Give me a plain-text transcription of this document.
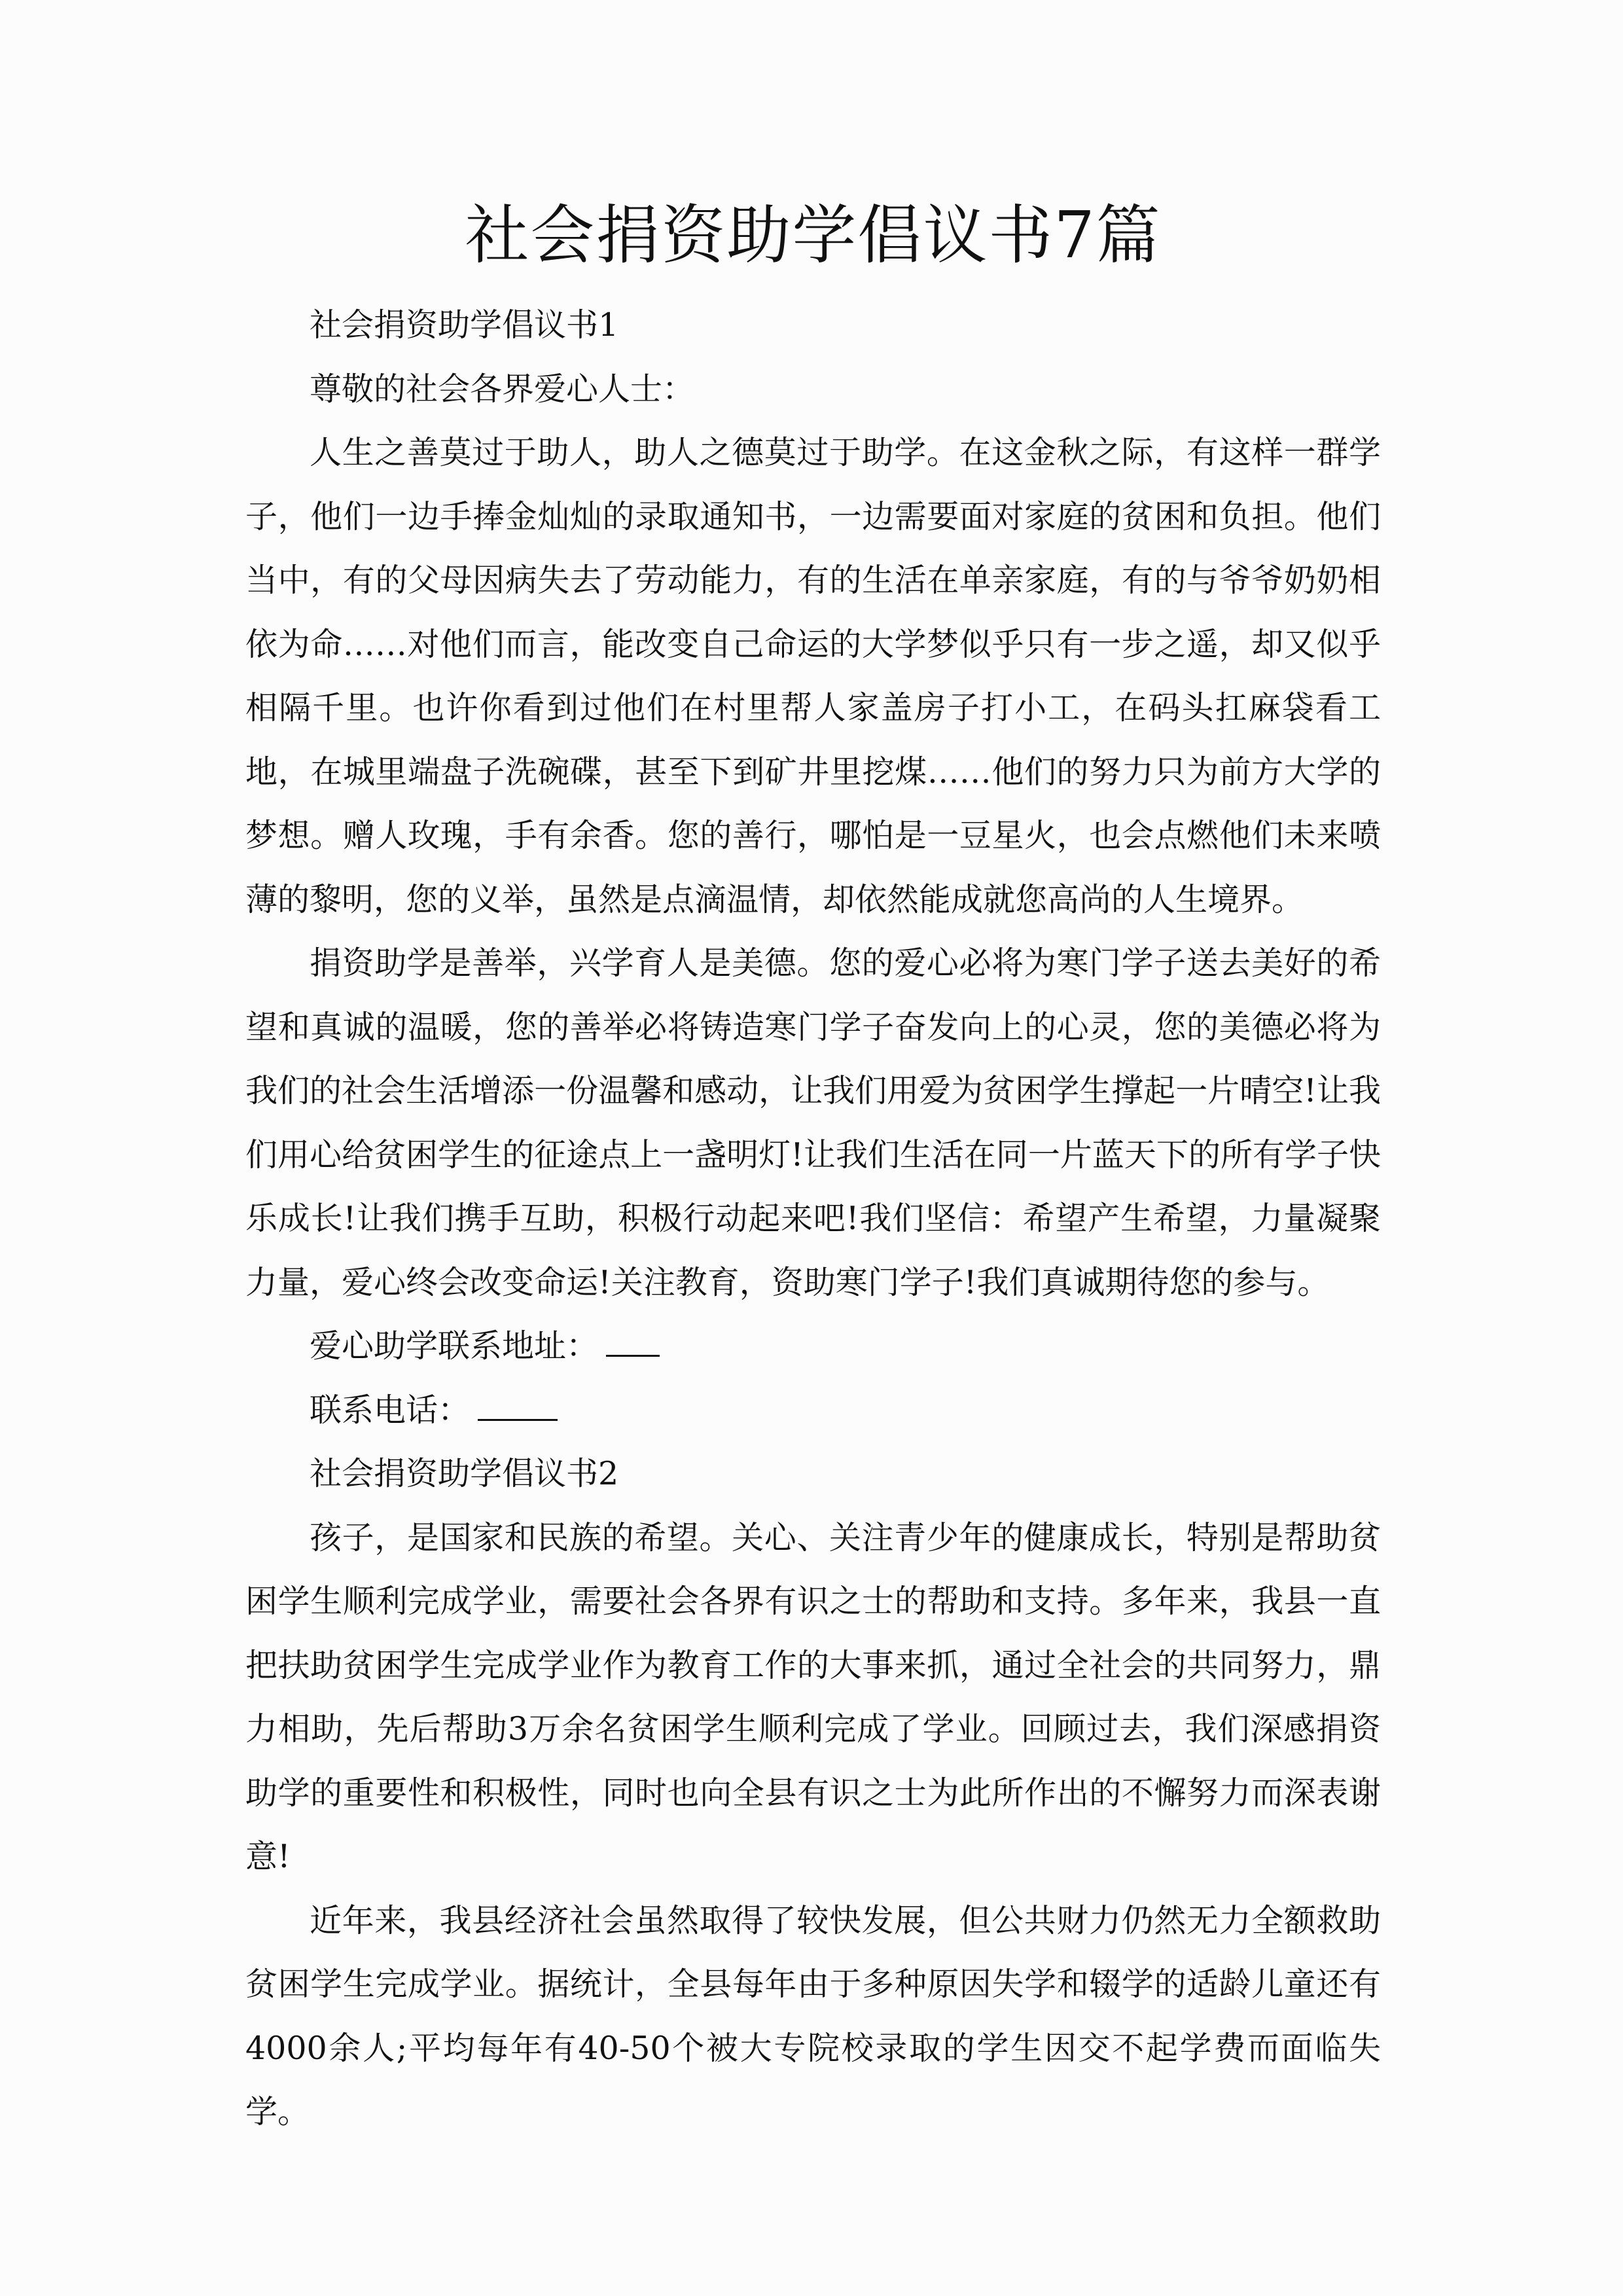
社会捐资助学倡议书7篇

社会捐资助学倡议书1

尊敬的社会各界爱心人士：

人生之善莫过于助人，助人之德莫过于助学。在这金秋之际，有这样一群学子，他们一边手捧金灿灿的录取通知书，一边需要面对家庭的贫困和负担。他们当中，有的父母因病失去了劳动能力，有的生活在单亲家庭，有的与爷爷奶奶相依为命……对他们而言，能改变自己命运的大学梦似乎只有一步之遥，却又似乎相隔千里。也许你看到过他们在村里帮人家盖房子打小工，在码头扛麻袋看工地，在城里端盘子洗碗碟，甚至下到矿井里挖煤……他们的努力只为前方大学的梦想。赠人玫瑰，手有余香。您的善行，哪怕是一豆星火，也会点燃他们未来喷薄的黎明，您的义举，虽然是点滴温情，却依然能成就您高尚的人生境界。

捐资助学是善举，兴学育人是美德。您的爱心必将为寒门学子送去美好的希望和真诚的温暖，您的善举必将铸造寒门学子奋发向上的心灵，您的美德必将为我们的社会生活增添一份温馨和感动，让我们用爱为贫困学生撑起一片晴空!让我们用心给贫困学生的征途点上一盏明灯!让我们生活在同一片蓝天下的所有学子快乐成长!让我们携手互助，积极行动起来吧!我们坚信：希望产生希望，力量凝聚力量，爱心终会改变命运!关注教育，资助寒门学子!我们真诚期待您的参与。

爱心助学联系地址：

联系电话：

社会捐资助学倡议书2

孩子，是国家和民族的希望。关心、关注青少年的健康成长，特别是帮助贫困学生顺利完成学业，需要社会各界有识之士的帮助和支持。多年来，我县一直把扶助贫困学生完成学业作为教育工作的大事来抓，通过全社会的共同努力，鼎力相助，先后帮助3万余名贫困学生顺利完成了学业。回顾过去，我们深感捐资助学的重要性和积极性，同时也向全县有识之士为此所作出的不懈努力而深表谢意!

近年来，我县经济社会虽然取得了较快发展，但公共财力仍然无力全额救助贫困学生完成学业。据统计，全县每年由于多种原因失学和辍学的适龄儿童还有4000余人;平均每年有40-50个被大专院校录取的学生因交不起学费而面临失学。
